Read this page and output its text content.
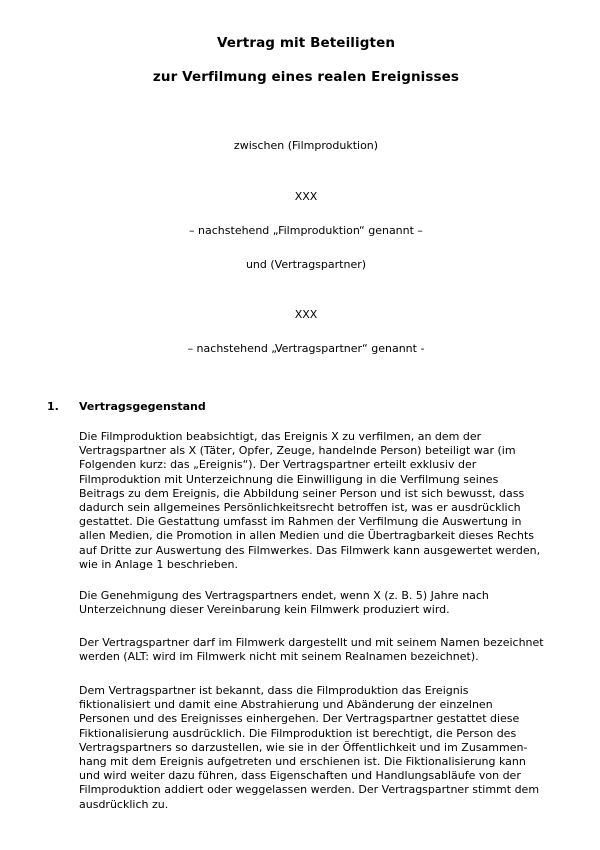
Vertrag mit Beteiligten
zur Verfilmung eines realen Ereignisses
zwischen (Filmproduktion)
XXX
– nachstehend „Filmproduktion“ genannt –
und (Vertragspartner)
XXX
– nachstehend „Vertragspartner“ genannt -
1. Vertragsgegenstand
Die Filmproduktion beabsichtigt, das Ereignis X zu verfilmen, an dem der
Vertragspartner als X (Täter, Opfer, Zeuge, handelnde Person) beteiligt war (im
Folgenden kurz: das „Ereignis“). Der Vertragspartner erteilt exklusiv der
Filmproduktion mit Unterzeichnung die Einwilligung in die Verfilmung seines
Beitrags zu dem Ereignis, die Abbildung seiner Person und ist sich bewusst, dass
dadurch sein allgemeines Persönlichkeitsrecht betroffen ist, was er ausdrücklich
gestattet. Die Gestattung umfasst im Rahmen der Verfilmung die Auswertung in
allen Medien, die Promotion in allen Medien und die Übertragbarkeit dieses Rechts
auf Dritte zur Auswertung des Filmwerkes. Das Filmwerk kann ausgewertet werden,
wie in Anlage 1 beschrieben.
Die Genehmigung des Vertragspartners endet, wenn X (z. B. 5) Jahre nach
Unterzeichnung dieser Vereinbarung kein Filmwerk produziert wird.
Der Vertragspartner darf im Filmwerk dargestellt und mit seinem Namen bezeichnet
werden (ALT: wird im Filmwerk nicht mit seinem Realnamen bezeichnet).
Dem Vertragspartner ist bekannt, dass die Filmproduktion das Ereignis
fiktionalisiert und damit eine Abstrahierung und Abänderung der einzelnen
Personen und des Ereignisses einhergehen. Der Vertragspartner gestattet diese
Fiktionalisierung ausdrücklich. Die Filmproduktion ist berechtigt, die Person des
Vertragspartners so darzustellen, wie sie in der Öffentlichkeit und im Zusammen-
hang mit dem Ereignis aufgetreten und erschienen ist. Die Fiktionalisierung kann
und wird weiter dazu führen, dass Eigenschaften und Handlungsabläufe von der
Filmproduktion addiert oder weggelassen werden. Der Vertragspartner stimmt dem
ausdrücklich zu.
